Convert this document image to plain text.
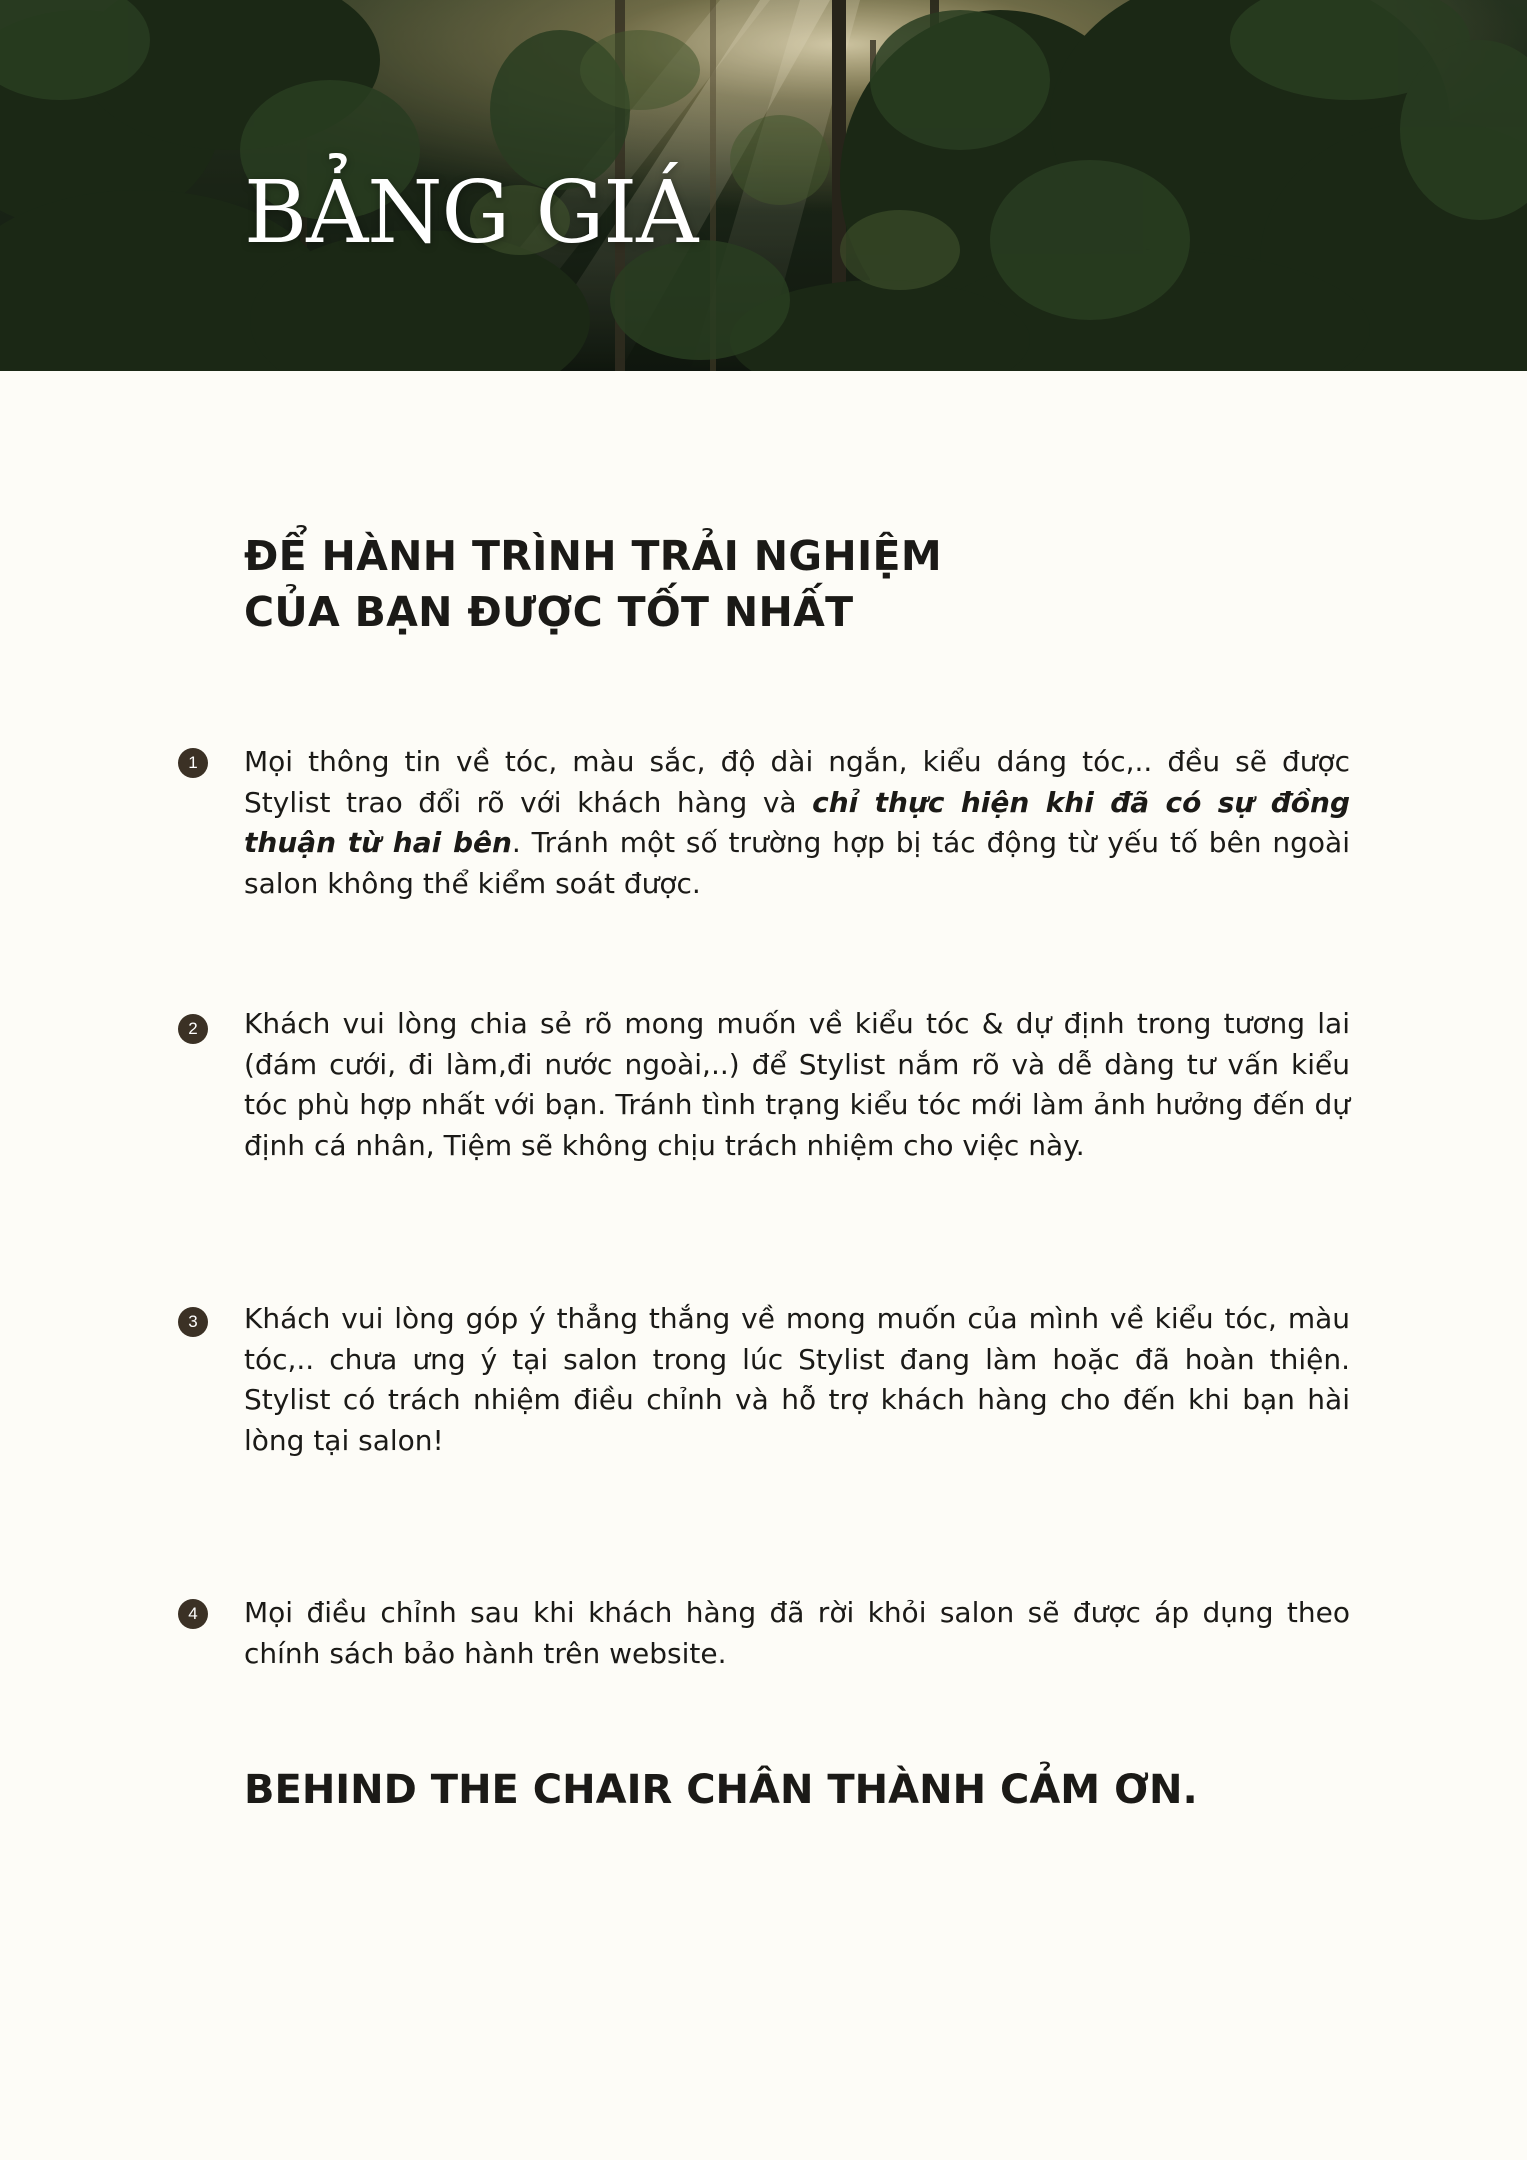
BẢNG GIÁ
ĐỂ HÀNH TRÌNH TRẢI NGHIỆM
CỦA BẠN ĐƯỢC TỐT NHẤT
1	Mọi thông tin về tóc, màu sắc, độ dài ngắn, kiểu dáng tóc,.. đều sẽ được Stylist trao đổi rõ với khách hàng và chỉ thực hiện khi đã có sự đồng thuận từ hai bên. Tránh một số trường hợp bị tác động từ yếu tố bên ngoài salon không thể kiểm soát được.

2	Khách vui lòng chia sẻ rõ mong muốn về kiểu tóc & dự định trong tương lai (đám cưới, đi làm,đi nước ngoài,..) để Stylist nắm rõ và dễ dàng tư vấn kiểu tóc phù hợp nhất với bạn. Tránh tình trạng kiểu tóc mới làm ảnh hưởng đến dự định cá nhân, Tiệm sẽ không chịu trách nhiệm cho việc này.

3	Khách vui lòng góp ý thẳng thắng về mong muốn của mình về kiểu tóc, màu tóc,.. chưa ưng ý tại salon trong lúc Stylist đang làm hoặc đã hoàn thiện. Stylist có trách nhiệm điều chỉnh và hỗ trợ khách hàng cho đến khi bạn hài lòng tại salon!

4	Mọi điều chỉnh sau khi khách hàng đã rời khỏi salon sẽ được áp dụng theo chính sách bảo hành trên website.

BEHIND THE CHAIR CHÂN THÀNH CẢM ƠN.
